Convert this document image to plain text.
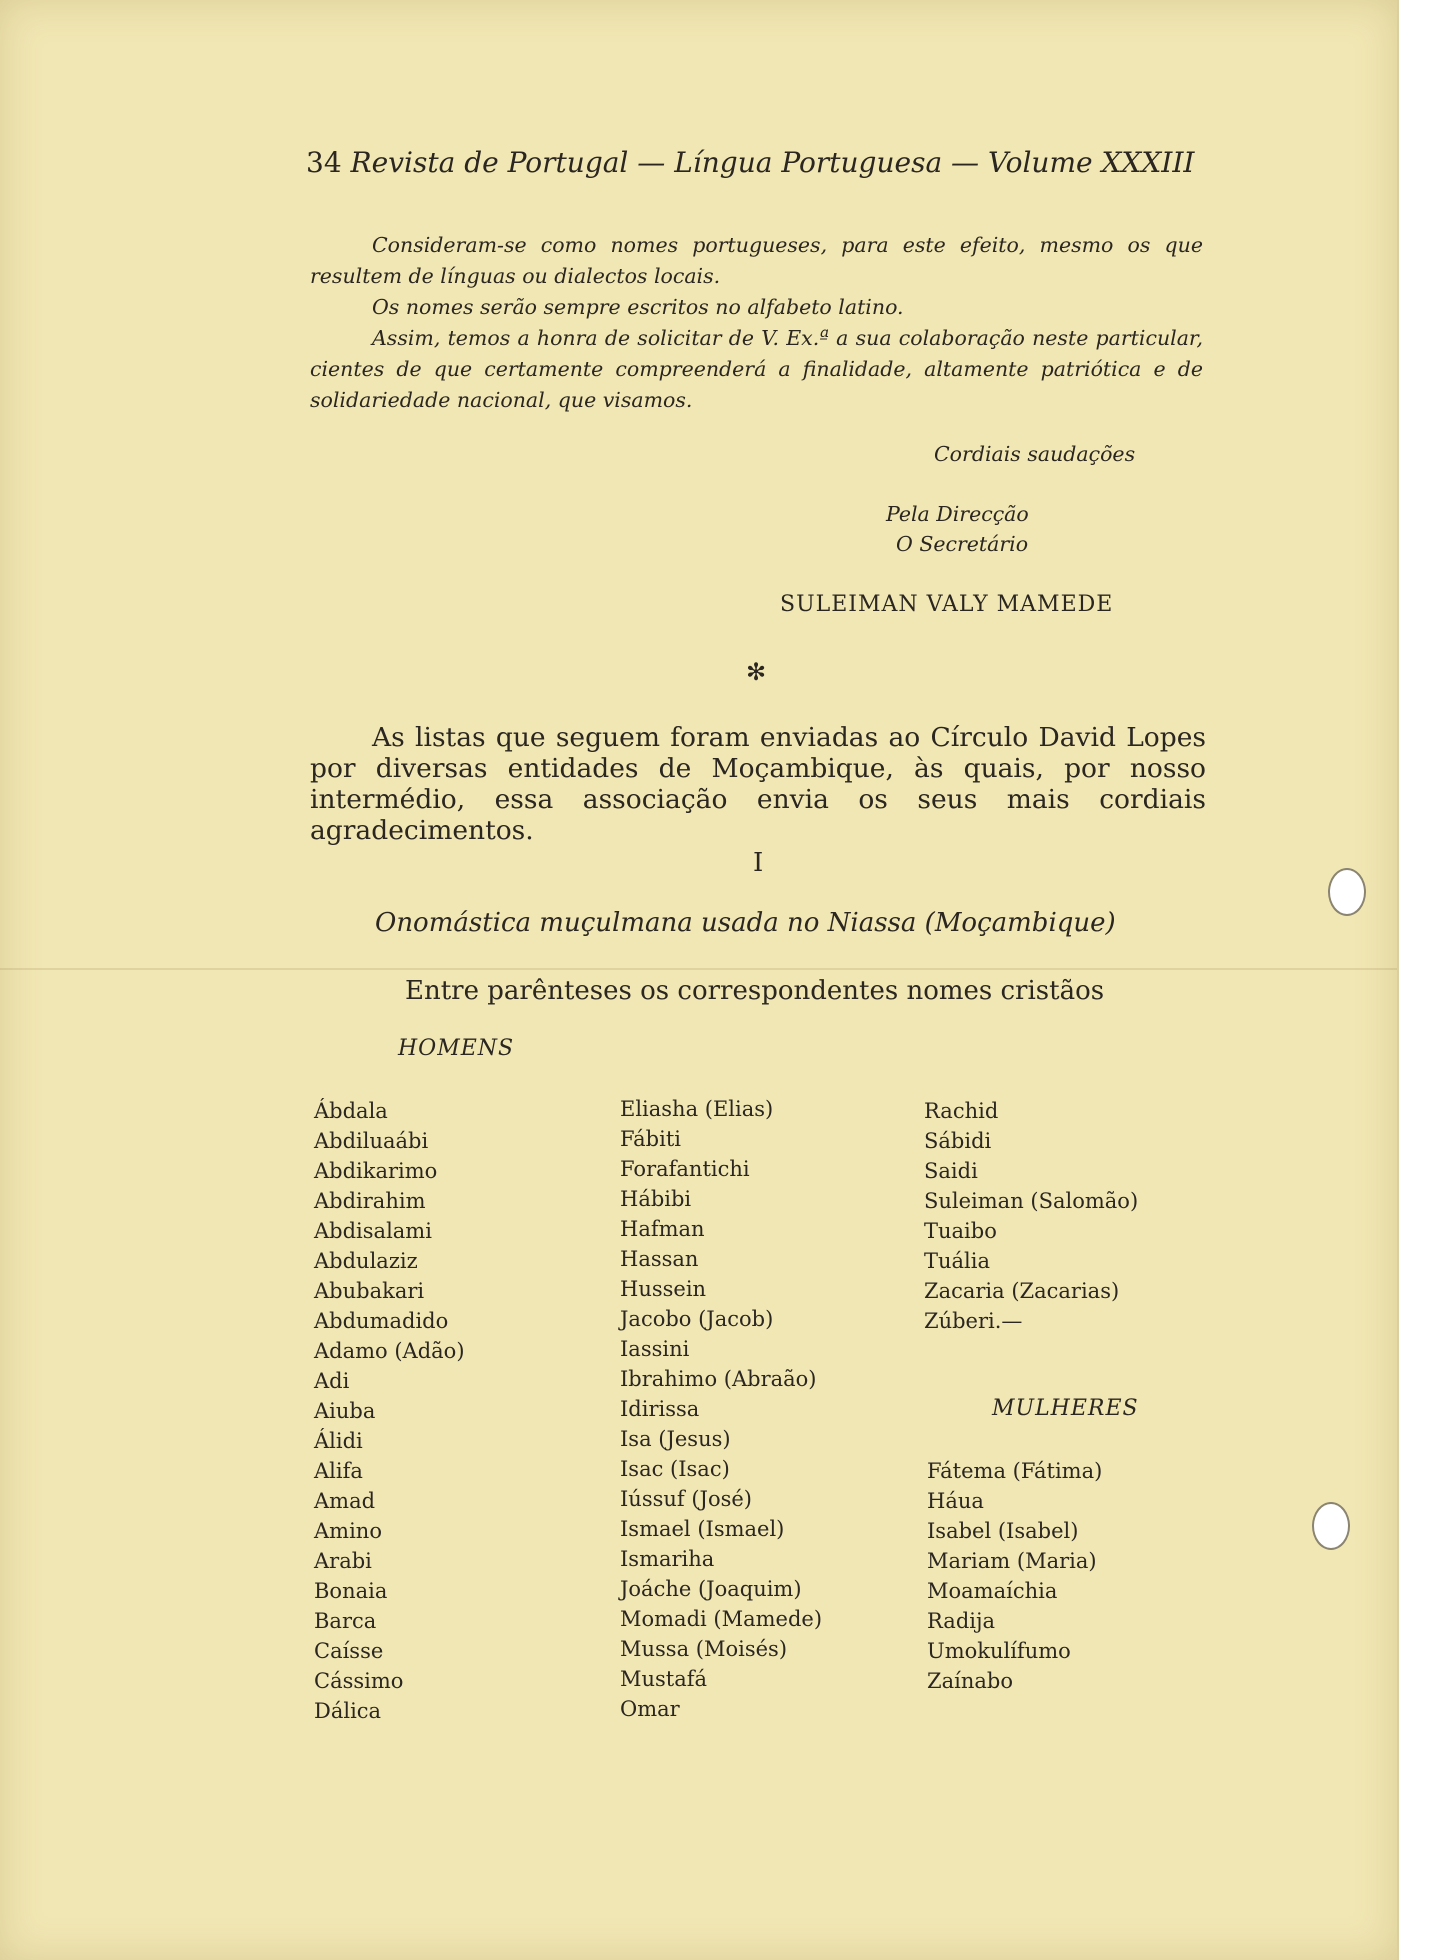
34 Revista de Portugal — Língua Portuguesa — Volume XXXIII
Consideram-se como nomes portugueses, para este efeito, mesmo os que resultem de línguas ou dialectos locais.
Os nomes serão sempre escritos no alfabeto latino.
Assim, temos a honra de solicitar de V. Ex.ª a sua colaboração neste particular, cientes de que certamente compreenderá a finalidade, altamente patriótica e de solidariedade nacional, que visamos.
Cordiais saudações
Pela Direcção
O Secretário
SULEIMAN VALY MAMEDE
✻
As listas que seguem foram enviadas ao Círculo David Lopes por diversas entidades de Moçambique, às quais, por nosso intermédio, essa associação envia os seus mais cordiais agradecimentos.
I
Onomástica muçulmana usada no Niassa (Moçambique)
Entre parênteses os correspondentes nomes cristãos
HOMENS
Ábdala
Abdiluaábi
Abdikarimo
Abdirahim
Abdisalami
Abdulaziz
Abubakari
Abdumadido
Adamo (Adão)
Adi
Aiuba
Álidi
Alifa
Amad
Amino
Arabi
Bonaia
Barca
Caísse
Cássimo
Dálica
Eliasha (Elias)
Fábiti
Forafantichi
Hábibi
Hafman
Hassan
Hussein
Jacobo (Jacob)
Iassini
Ibrahimo (Abraão)
Idirissa
Isa (Jesus)
Isac (Isac)
Iússuf (José)
Ismael (Ismael)
Ismariha
Joáche (Joaquim)
Momadi (Mamede)
Mussa (Moisés)
Mustafá
Omar
Rachid
Sábidi
Saidi
Suleiman (Salomão)
Tuaibo
Tuália
Zacaria (Zacarias)
Zúberi.—
MULHERES
Fátema (Fátima)
Háua
Isabel (Isabel)
Mariam (Maria)
Moamaíchia
Radija
Umokulífumo
Zaínabo
